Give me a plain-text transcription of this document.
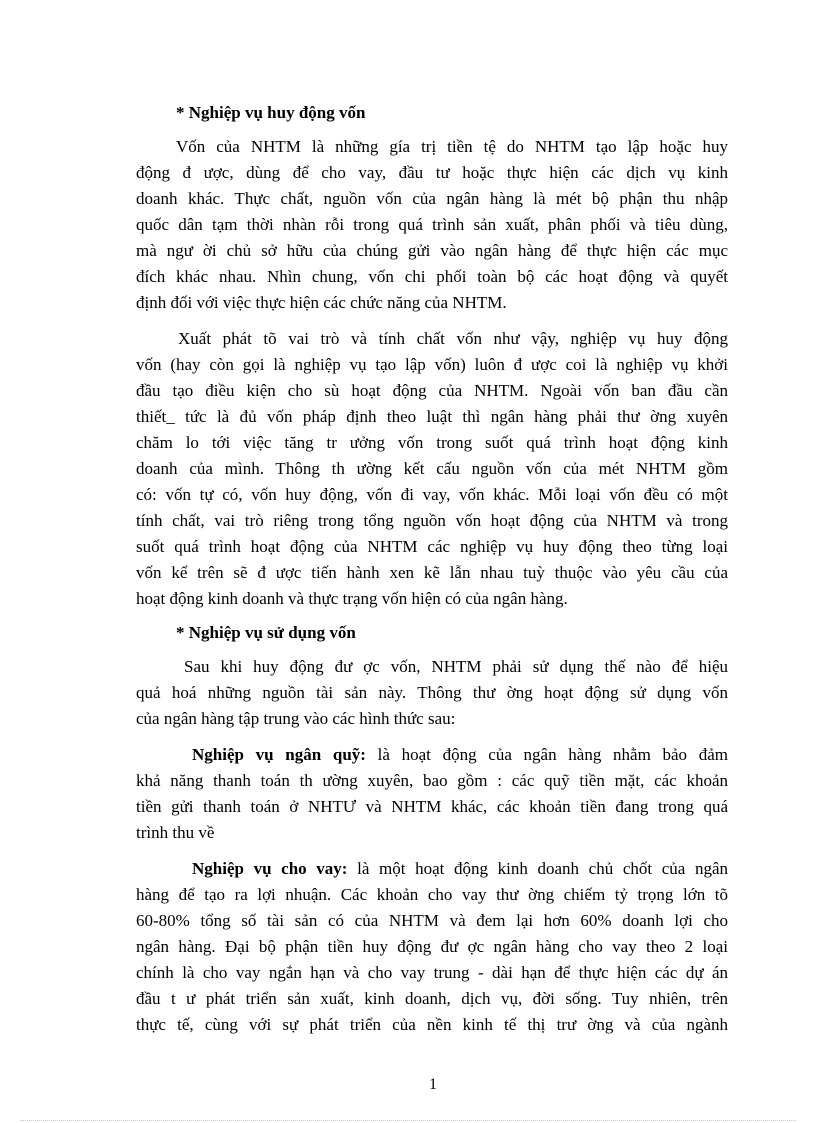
* Nghiệp vụ huy động vốn

Vốn của NHTM là những gía trị tiền tệ do NHTM tạo lập hoặc huy
động đ ược, dùng để cho vay, đầu tư hoặc thực hiện các dịch vụ kinh
doanh khác. Thực chất, nguồn vốn của ngân hàng là mét bộ phận thu nhập
quốc dân tạm thời nhàn rỗi trong quá trình sản xuất, phân phối và tiêu dùng,
mà ngư ời chủ sở hữu của chúng gửi vào ngân hàng để thực hiện các mục
đích khác nhau. Nhìn chung, vốn chi phối toàn bộ các hoạt động và quyết
định đối với việc thực hiện các chức năng của NHTM.

Xuất phát tõ vai trò và tính chất vốn như vậy, nghiệp vụ huy động
vốn (hay còn gọi là nghiệp vụ tạo lập vốn) luôn đ ược coi là nghiệp vụ khởi
đầu tạo điều kiện cho sù hoạt động của NHTM. Ngoài vốn ban đầu cần
thiết_ tức là đủ vốn pháp định theo luật thì ngân hàng phải thư ờng xuyên
chăm lo tới việc tăng tr ưởng vốn trong suốt quá trình hoạt động kinh
doanh của mình. Thông th ường kết cấu nguồn vốn của mét NHTM gồm
có: vốn tự có, vốn huy động, vốn đi vay, vốn khác. Mỗi loại vốn đều có một
tính chất, vai trò riêng trong tổng nguồn vốn hoạt động của NHTM và trong
suốt quá trình hoạt động của NHTM các nghiệp vụ huy động theo từng loại
vốn kể trên sẽ đ ược tiến hành xen kẽ lẫn nhau tuỳ thuộc vào yêu cầu của
hoạt động kinh doanh và thực trạng vốn hiện có của ngân hàng.

* Nghiệp vụ sử dụng vốn

Sau khi huy động đư ợc vốn, NHTM phải sử dụng thế nào để hiệu
quả hoá những nguồn tài sản này. Thông thư ờng hoạt động sử dụng vốn
của ngân hàng tập trung vào các hình thức sau:

Nghiệp vụ ngân quỹ: là hoạt động của ngân hàng nhằm bảo đảm
khả năng thanh toán th ường xuyên, bao gồm : các quỹ tiền mặt, các khoản
tiền gửi thanh toán ở NHTƯ và NHTM khác, các khoản tiền đang trong quá
trình thu về

Nghiệp vụ cho vay: là một hoạt động kinh doanh chủ chốt của ngân
hàng để tạo ra lợi nhuận. Các khoản cho vay thư ờng chiếm tỷ trọng lớn tõ
60-80% tổng số tài sản có của NHTM và đem lại hơn 60% doanh lợi cho
ngân hàng. Đại bộ phận tiền huy động đư ợc ngân hàng cho vay theo 2 loại
chính là cho vay ngắn hạn và cho vay trung - dài hạn để thực hiện các dự án
đầu t ư phát triển sản xuất, kinh doanh, dịch vụ, đời sống. Tuy nhiên, trên
thực tế, cùng với sự phát triển của nền kinh tế thị trư ờng và của ngành

1
